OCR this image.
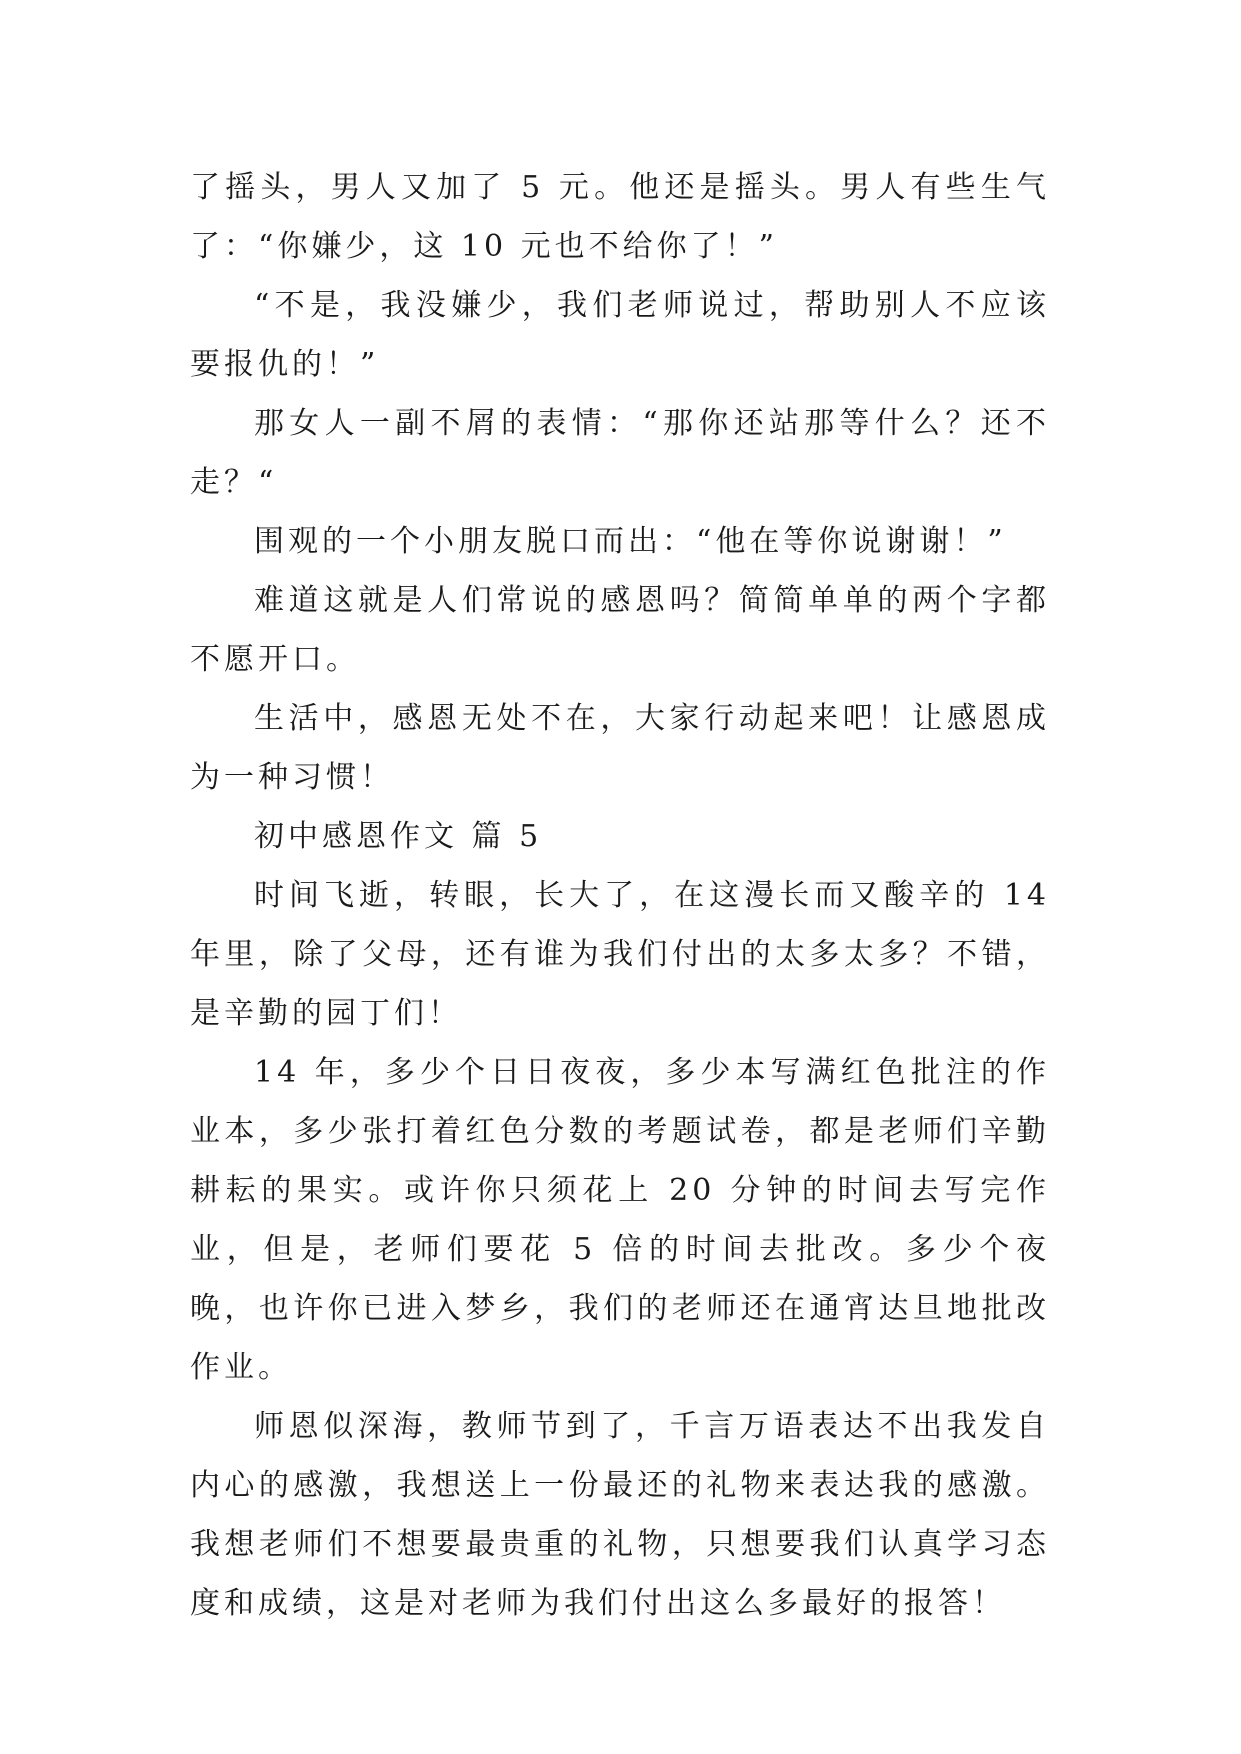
了摇头，男人又加了 5 元。他还是摇头。男人有些生气了：“你嫌少，这 10 元也不给你了！”

“不是，我没嫌少，我们老师说过，帮助别人不应该要报仇的！”

那女人一副不屑的表情：“那你还站那等什么？还不走？“

围观的一个小朋友脱口而出：“他在等你说谢谢！”

难道这就是人们常说的感恩吗？简简单单的两个字都不愿开口。

生活中，感恩无处不在，大家行动起来吧！让感恩成为一种习惯！

初中感恩作文 篇 5

时间飞逝，转眼，长大了，在这漫长而又酸辛的 14 年里，除了父母，还有谁为我们付出的太多太多？不错，是辛勤的园丁们！

14 年，多少个日日夜夜，多少本写满红色批注的作业本，多少张打着红色分数的考题试卷，都是老师们辛勤耕耘的果实。或许你只须花上 20 分钟的时间去写完作业，但是，老师们要花 5 倍的时间去批改。多少个夜晚，也许你已进入梦乡，我们的老师还在通宵达旦地批改作业。

师恩似深海，教师节到了，千言万语表达不出我发自内心的感激，我想送上一份最还的礼物来表达我的感激。我想老师们不想要最贵重的礼物，只想要我们认真学习态度和成绩，这是对老师为我们付出这么多最好的报答！
